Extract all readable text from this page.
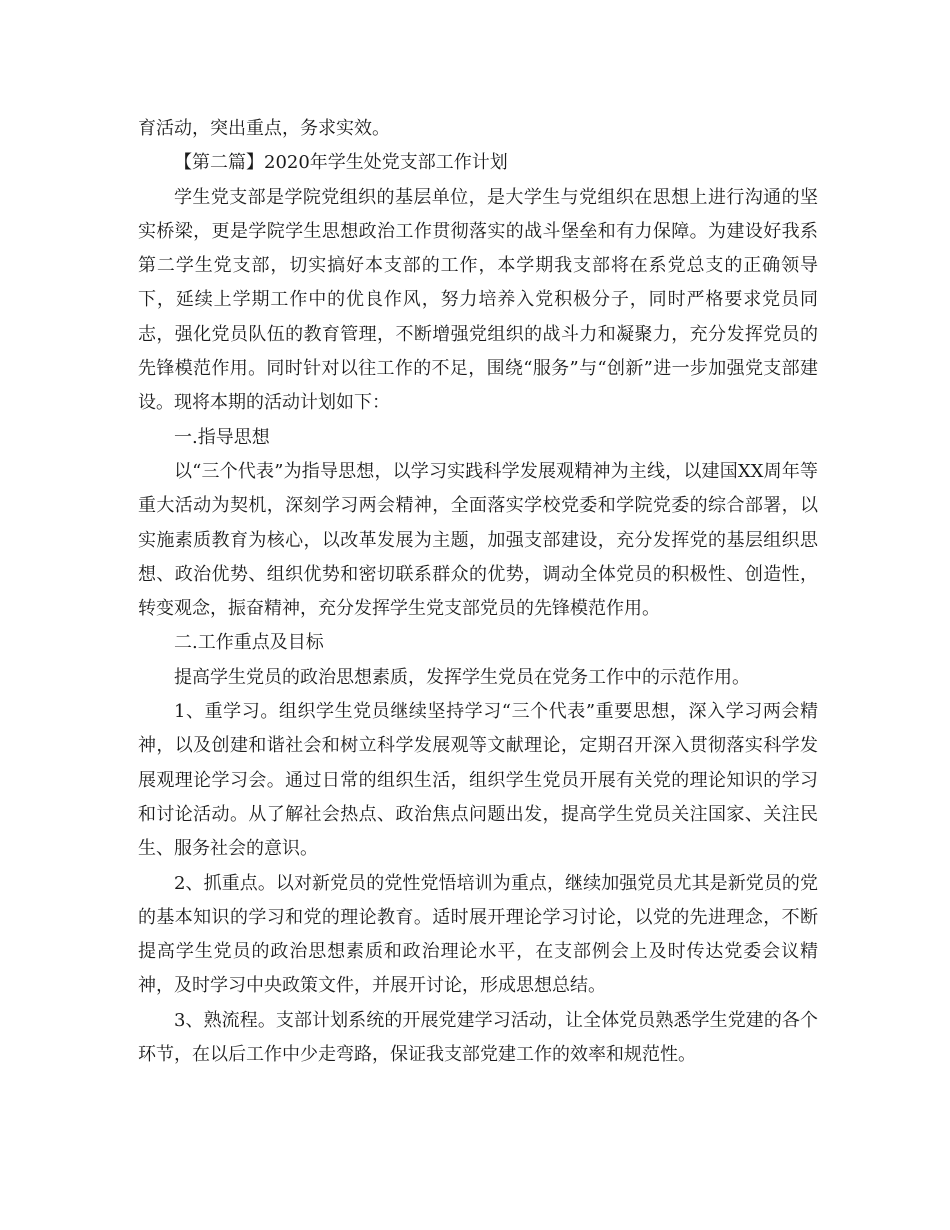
育活动，突出重点，务求实效。

【第二篇】2020年学生处党支部工作计划

学生党支部是学院党组织的基层单位，是大学生与党组织在思想上进行沟通的坚实桥梁，更是学院学生思想政治工作贯彻落实的战斗堡垒和有力保障。为建设好我系第二学生党支部，切实搞好本支部的工作，本学期我支部将在系党总支的正确领导下，延续上学期工作中的优良作风，努力培养入党积极分子，同时严格要求党员同志，强化党员队伍的教育管理，不断增强党组织的战斗力和凝聚力，充分发挥党员的先锋模范作用。同时针对以往工作的不足，围绕“服务”与“创新”进一步加强党支部建设。现将本期的活动计划如下：

一.指导思想

以“三个代表”为指导思想，以学习实践科学发展观精神为主线，以建国XX周年等重大活动为契机，深刻学习两会精神，全面落实学校党委和学院党委的综合部署，以实施素质教育为核心，以改革发展为主题，加强支部建设，充分发挥党的基层组织思想、政治优势、组织优势和密切联系群众的优势，调动全体党员的积极性、创造性，转变观念，振奋精神，充分发挥学生党支部党员的先锋模范作用。

二.工作重点及目标

提高学生党员的政治思想素质，发挥学生党员在党务工作中的示范作用。

1、重学习。组织学生党员继续坚持学习“三个代表”重要思想，深入学习两会精神，以及创建和谐社会和树立科学发展观等文献理论，定期召开深入贯彻落实科学发展观理论学习会。通过日常的组织生活，组织学生党员开展有关党的理论知识的学习和讨论活动。从了解社会热点、政治焦点问题出发，提高学生党员关注国家、关注民生、服务社会的意识。

2、抓重点。以对新党员的党性党悟培训为重点，继续加强党员尤其是新党员的党的基本知识的学习和党的理论教育。适时展开理论学习讨论，以党的先进理念，不断提高学生党员的政治思想素质和政治理论水平，在支部例会上及时传达党委会议精神，及时学习中央政策文件，并展开讨论，形成思想总结。

3、熟流程。支部计划系统的开展党建学习活动，让全体党员熟悉学生党建的各个环节，在以后工作中少走弯路，保证我支部党建工作的效率和规范性。
